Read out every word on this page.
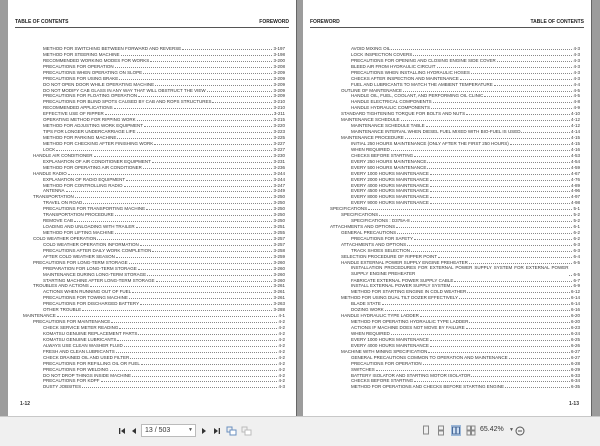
TABLE OF CONTENTS	FOREWORD
METHOD FOR SWITCHING BETWEEN FORWARD AND REVERSE	3-197
METHOD FOR STEERING MACHINE	3-198
RECOMMENDED WORKING MODES FOR WORKS	3-200
PRECAUTIONS FOR OPERATION	3-208
PRECAUTIONS WHEN OPERATING ON SLOPE	3-209
PRECAUTIONS FOR USING BRAKE	3-209
DO NOT OPEN DOOR WHILE OPERATING MACHINE	3-209
DO NOT MODIFY CAB GLASS IN ANY WAY THAT WILL OBSTRUCT THE VIEW	3-209
PRECAUTIONS FOR FLOATING OPERATION	3-209
PRECAUTIONS FOR BLIND SPOTS CAUSED BY CAB AND ROPS STRUCTURES	3-210
RECOMMENDED APPLICATIONS	3-210
EFFECTIVE USE OF RIPPER	3-211
OPERATING METHOD FOR RIPPING WORK	3-215
METHOD FOR ADJUSTING WORK EQUIPMENT	3-220
TIPS FOR LONGER UNDERCARRIAGE LIFE	3-223
METHOD FOR PARKING MACHINE	3-225
METHOD FOR CHECKING AFTER FINISHING WORK	3-227
LOCK	3-227
HANDLE AIR CONDITIONER	3-230
EXPLANATION OF AIR CONDITIONER EQUIPMENT	3-231
METHOD FOR OPERATING AIR CONDITIONER	3-236
HANDLE RADIO	3-244
EXPLANATION OF RADIO EQUIPMENT	3-244
METHOD FOR CONTROLLING RADIO	3-247
ANTENNA	3-249
TRANSPORTATION	3-250
TRAVEL ON ROAD	3-250
PRECAUTIONS FOR TRANSPORTING MACHINE	3-250
TRANSPORTATION PROCEDURE	3-250
REMOVE CAB	3-250
LOADING AND UNLOADING WITH TRAILER	3-251
METHOD FOR LIFTING MACHINE	3-255
COLD WEATHER OPERATION	3-257
COLD WEATHER OPERATION INFORMATION	3-257
PRECAUTIONS AFTER DAILY WORK COMPLETION	3-258
AFTER COLD WEATHER SEASON	3-259
PRECAUTIONS FOR LONG-TERM STORAGE	3-260
PREPARATION FOR LONG-TERM STORAGE	3-260
MAINTENANCE DURING LONG-TERM STORAGE	3-260
STARTING MACHINE AFTER LONG-TERM STORAGE	3-260
TROUBLES AND ACTIONS	3-261
ACTIONS WHEN RUNNING OUT OF FUEL	3-261
PRECAUTIONS FOR TOWING MACHINE	3-261
PRECAUTIONS FOR DISCHARGED BATTERY	3-263
OTHER TROUBLE	3-288
MAINTENANCE	4-1
PRECAUTIONS FOR MAINTENANCE	4-2
CHECK SERVICE METER READING	4-2
KOMATSU GENUINE REPLACEMENT PARTS	4-2
KOMATSU GENUINE LUBRICANTS	4-2
ALWAYS USE CLEAN WASHER FLUID	4-2
FRESH AND CLEAN LUBRICANTS	4-2
CHECK DRAINED OIL AND USED FILTER	4-2
PRECAUTIONS FOR REFILLING OIL OR FUEL	4-2
PRECAUTIONS FOR WELDING	4-2
DO NOT DROP THINGS INSIDE MACHINE	4-2
PRECAUTIONS FOR KDPF	4-2
DUSTY JOBSITES	4-3
1-12
FOREWORD	TABLE OF CONTENTS
AVOID MIXING OIL	4-3
LOCK INSPECTION COVERS	4-3
PRECAUTIONS FOR OPENING AND CLOSING ENGINE SIDE COVER	4-3
BLEED AIR FROM HYDRAULIC CIRCUIT	4-3
PRECAUTIONS WHEN INSTALLING HYDRAULIC HOSES	4-3
CHECKS AFTER INSPECTION AND MAINTENANCE	4-3
FUEL AND LUBRICANTS TO MATCH THE AMBIENT TEMPERATURE	4-4
OUTLINE OF MAINTENANCE	4-5
HANDLE OIL, FUEL, COOLANT, AND PERFORMING OIL CLINIC	4-5
HANDLE ELECTRICAL COMPONENTS	4-8
HANDLE HYDRAULIC COMPONENTS	4-9
STANDARD TIGHTENING TORQUE FOR BOLTS AND NUTS	4-10
MAINTENANCE SCHEDULE	4-12
MAINTENANCE SCHEDULE TABLE	4-12
MAINTENANCE INTERVAL WHEN DIESEL FUEL MIXED WITH BIO-FUEL IS USED	4-14
MAINTENANCE PROCEDURE	4-15
INITIAL 250 HOURS MAINTENANCE (ONLY AFTER THE FIRST 250 HOURS)	4-15
WHEN REQUIRED	4-16
CHECKS BEFORE STARTING	4-53
EVERY 250 HOURS MAINTENANCE	4-54
EVERY 500 HOURS MAINTENANCE	4-59
EVERY 1000 HOURS MAINTENANCE	4-67
EVERY 2000 HOURS MAINTENANCE	4-76
EVERY 4000 HOURS MAINTENANCE	4-89
EVERY 4500 HOURS MAINTENANCE	4-96
EVERY 8000 HOURS MAINTENANCE	4-97
EVERY 9000 HOURS MAINTENANCE	4-98
SPECIFICATIONS	5-1
SPECIFICATIONS	5-2
SPECIFICATIONS : D375A-8	5-2
ATTACHMENTS AND OPTIONS	6-1
GENERAL PRECAUTIONS	6-2
PRECAUTIONS FOR SAFETY	6-2
ATTACHMENTS AND OPTIONS	6-3
TRACK SHOES SELECTION	6-3
SELECTION PROCEDURE OF RIPPER POINT	6-4
HANDLE EXTERNAL POWER SUPPLY ENGINE PREHEATER	6-5
INSTALLATION PROCEDURES FOR EXTERNAL POWER SUPPLY SYSTEM FOR EXTERNAL POWER SUPPLY ENGINE PREHEATER	6-5
FABRICATE EXTERNAL POWER SUPPLY CABLE	6-7
INSTALL EXTERNAL POWER SUPPLY SYSTEM	6-9
METHOD FOR STARTING ENGINE IN COLD WEATHER	6-12
METHOD FOR USING DUAL TILT DOZER EFFECTIVELY	6-14
BLADE STATE	6-14
DOZING WORK	6-16
HANDLE HYDRAULIC TYPE LADDER	6-20
METHOD FOR OPERATING HYDRAULIC TYPE LADDER	6-20
ACTIONS IF MACHINE DOES NOT MOVE BY FAILURE	6-23
WHEN REQUIRED	6-24
EVERY 1000 HOURS MAINTENANCE	6-25
EVERY 4000 HOURS MAINTENANCE	6-26
MACHINE WITH MINING SPECIFICATION	6-27
GENERAL PRECAUTIONS COMMON TO OPERATION AND MAINTENANCE	6-27
PRECAUTIONS FOR OPERATION	6-28
SWITCHES	6-29
BATTERY ISOLATOR AND STARTING MOTOR ISOLATOR	6-33
CHECKS BEFORE STARTING	6-34
METHOD FOR OPERATIONS AND CHECKS BEFORE STARTING ENGINE	6-35
1-13
13 / 503	▼	65.42% ▼
